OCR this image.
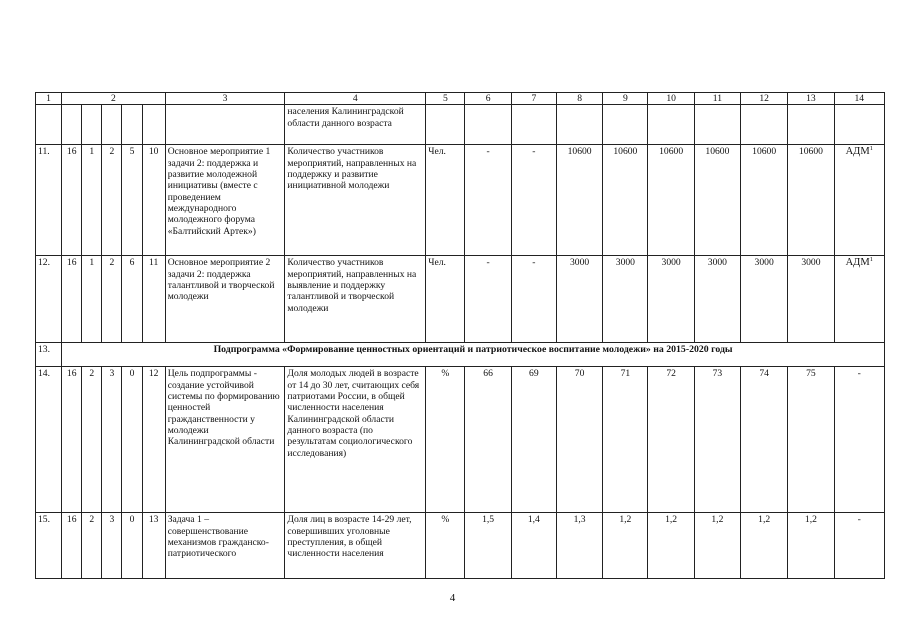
1	2					3	4	5	6	7	8	9	10	11	12	13	14
							населения Калининградской области данного возраста										
11.	16	1	2	5	10	Основное мероприятие 1 задачи 2: поддержка и развитие молодежной инициативы (вместе с проведением международного молодежного форума «Балтийский Артек»)	Количество участников мероприятий, направленных на поддержку и развитие инициативной молодежи	Чел.	-	-	10600	10600	10600	10600	10600	10600	АДМ$^1$
12.	16	1	2	6	11	Основное мероприятие 2 задачи 2: поддержка талантливой и творческой молодежи	Количество участников мероприятий, направленных на выявление и поддержку талантливой и творческой молодежи	Чел.	-	-	3000	3000	3000	3000	3000	3000	АДМ$^1$
13.	Подпрограмма «Формирование ценностных ориентаций и патриотическое воспитание молодежи» на 2015-2020 годы																
14.	16	2	3	0	12	Цель подпрограммы - создание устойчивой системы по формированию ценностей гражданственности у молодежи Калининградской области	Доля молодых людей в возрасте от 14 до 30 лет, считающих себя патриотами России, в общей численности населения Калининградской области данного возраста (по результатам социологического исследования)	%	66	69	70	71	72	73	74	75	-
15.	16	2	3	0	13	Задача 1 – совершенствование механизмов гражданско-патриотического	Доля лиц в возрасте 14-29 лет, совершивших уголовные преступления, в общей численности населения	%	1,5	1,4	1,3	1,2	1,2	1,2	1,2	1,2	-
4
